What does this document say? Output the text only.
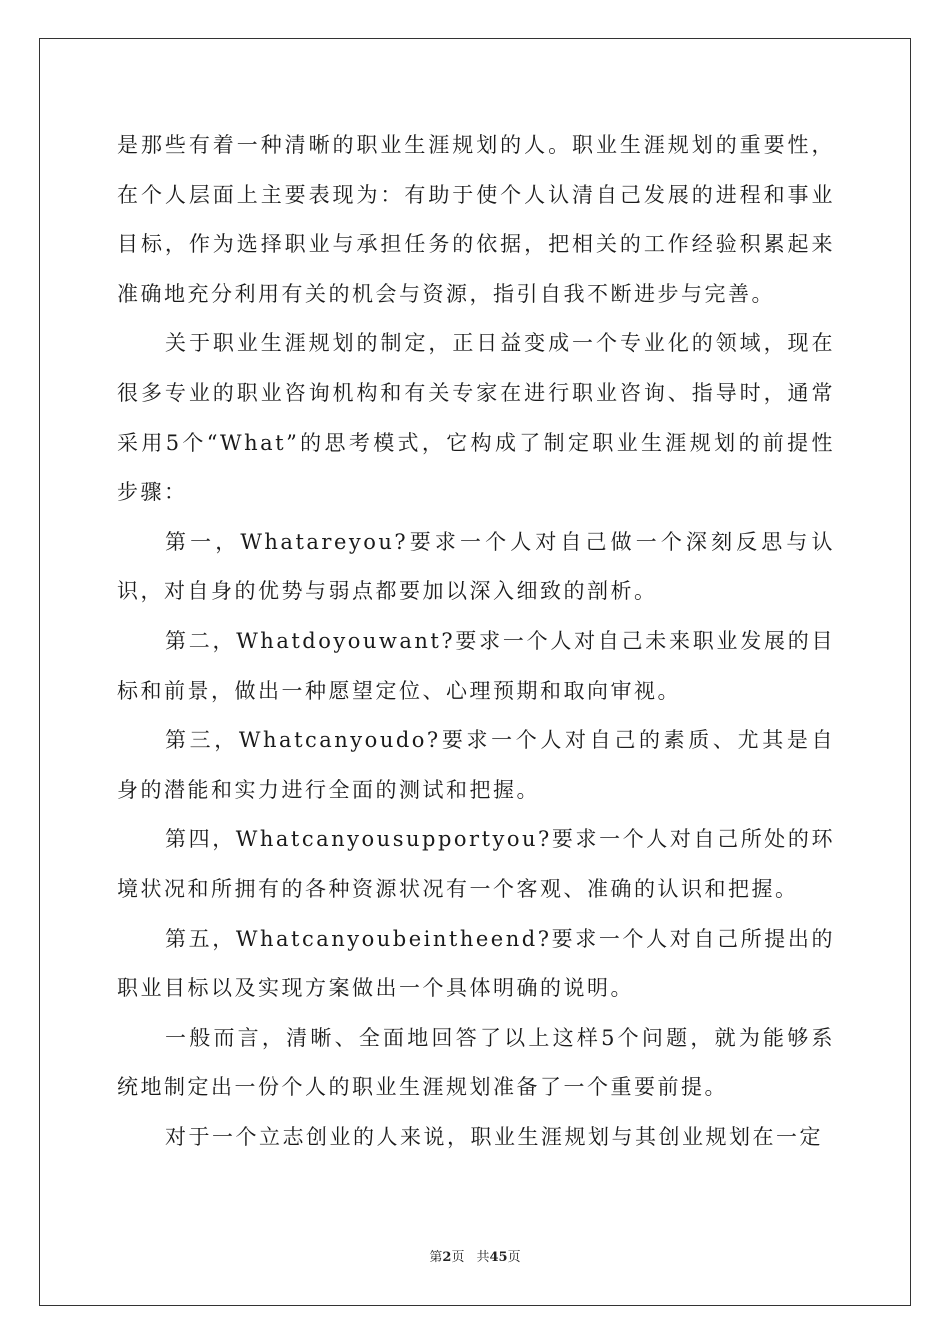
是那些有着一种清晰的职业生涯规划的人。职业生涯规划的重要性，在个人层面上主要表现为：有助于使个人认清自己发展的进程和事业目标，作为选择职业与承担任务的依据，把相关的工作经验积累起来准确地充分利用有关的机会与资源，指引自我不断进步与完善。

关于职业生涯规划的制定，正日益变成一个专业化的领域，现在很多专业的职业咨询机构和有关专家在进行职业咨询、指导时，通常采用5个“What”的思考模式，它构成了制定职业生涯规划的前提性步骤：

第一，Whatareyou?要求一个人对自己做一个深刻反思与认识，对自身的优势与弱点都要加以深入细致的剖析。

第二，Whatdoyouwant?要求一个人对自己未来职业发展的目标和前景，做出一种愿望定位、心理预期和取向审视。

第三，Whatcanyoudo?要求一个人对自己的素质、尤其是自身的潜能和实力进行全面的测试和把握。

第四，Whatcanyousupportyou?要求一个人对自己所处的环境状况和所拥有的各种资源状况有一个客观、准确的认识和把握。

第五，Whatcanyoubeintheend?要求一个人对自己所提出的职业目标以及实现方案做出一个具体明确的说明。

一般而言，清晰、全面地回答了以上这样5个问题，就为能够系统地制定出一份个人的职业生涯规划准备了一个重要前提。

对于一个立志创业的人来说，职业生涯规划与其创业规划在一定

第2页 共45页
